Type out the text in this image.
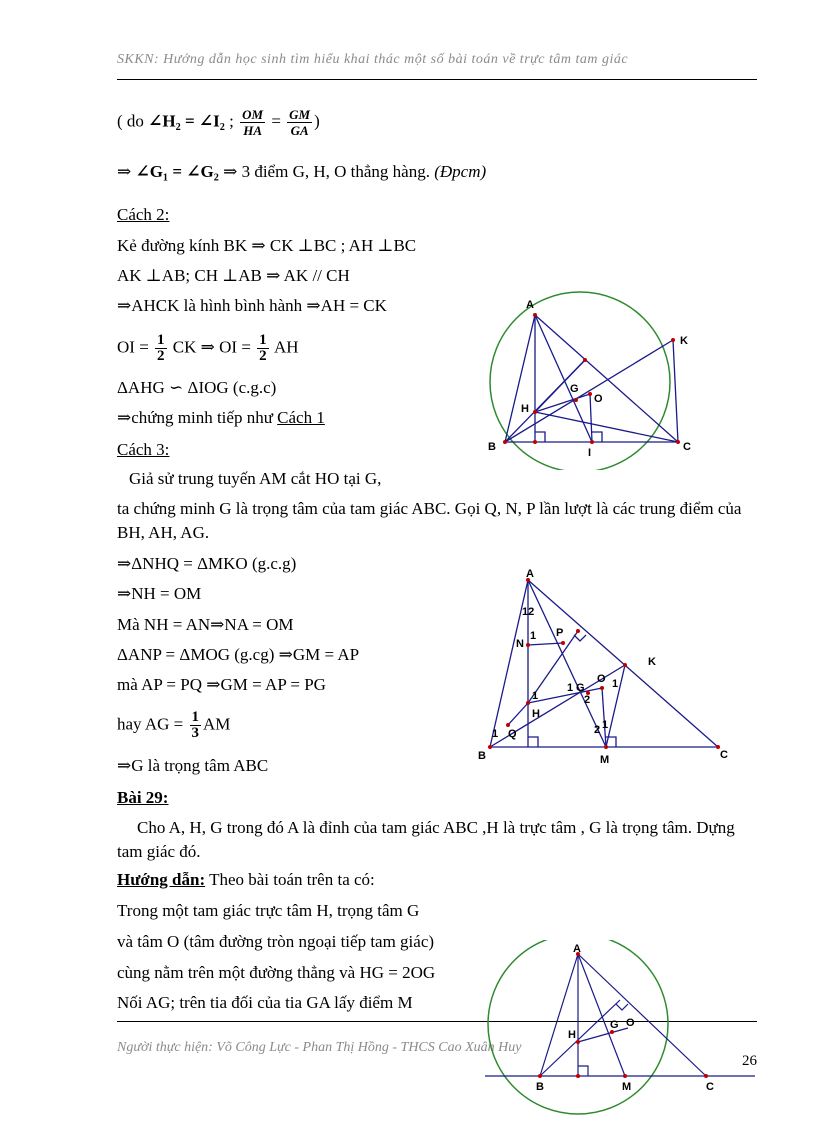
SKKN: Hướng dẫn học sinh tìm hiểu khai thác một số bài toán về trực tâm tam giác
( do ∠H₂ = ∠I₂ ; $\frac{OM}{HA} = \frac{GM}{GA}$ )
⇒ ∠G₁ = ∠G₂ ⇒ 3 điểm G, H, O thẳng hàng. (Đpcm)
Cách 2:
Kẻ đường kính BK ⇒ CK ⊥BC ; AH ⊥BC
AK ⊥AB; CH ⊥AB ⇒ AK // CH
⇒AHCK là hình bình hành ⇒AH = CK
OI = $\frac{1}{2}$ CK ⇒ OI = $\frac{1}{2}$ AH
ΔAHG ∽ ΔIOG (c.g.c)
⇒chứng minh tiếp như Cách 1
Cách 3:
Giả sử trung tuyến AM cắt HO tại G,
ta chứng minh G là trọng tâm của tam giác ABC. Gọi Q, N, P lần lượt là các trung điểm của BH, AH, AG.
⇒ΔNHQ = ΔMKO (g.c.g)
⇒NH = OM
Mà NH = AN⇒NA = OM
ΔANP = ΔMOG (g.cg) ⇒GM = AP
mà AP = PQ ⇒GM = AP = PG
hay AG = $\frac{1}{3}$ AM
⇒G là trọng tâm ABC
Bài 29:
Cho A, H, G trong đó A là đỉnh của tam giác ABC ,H là trực tâm , G là trọng tâm. Dựng tam giác đó.
Hướng dẫn: Theo bài toán trên ta có:
Trong một tam giác trực tâm H, trọng tâm G
và tâm O (tâm đường tròn ngoại tiếp tam giác)
cùng nằm trên một đường thẳng và HG = 2OG
Nối AG; trên tia đối của tia GA lấy điểm M
A
K
G
O
H
B	I	C
A
12
N
1 P
K
O
G
1	1
2
1
H
2 1
1 Q
B	M	C
Người thực hiện: Võ Công Lực - Phan Thị Hồng - THCS Cao Xuân Huy
A
H
G O
B	M	C
26
